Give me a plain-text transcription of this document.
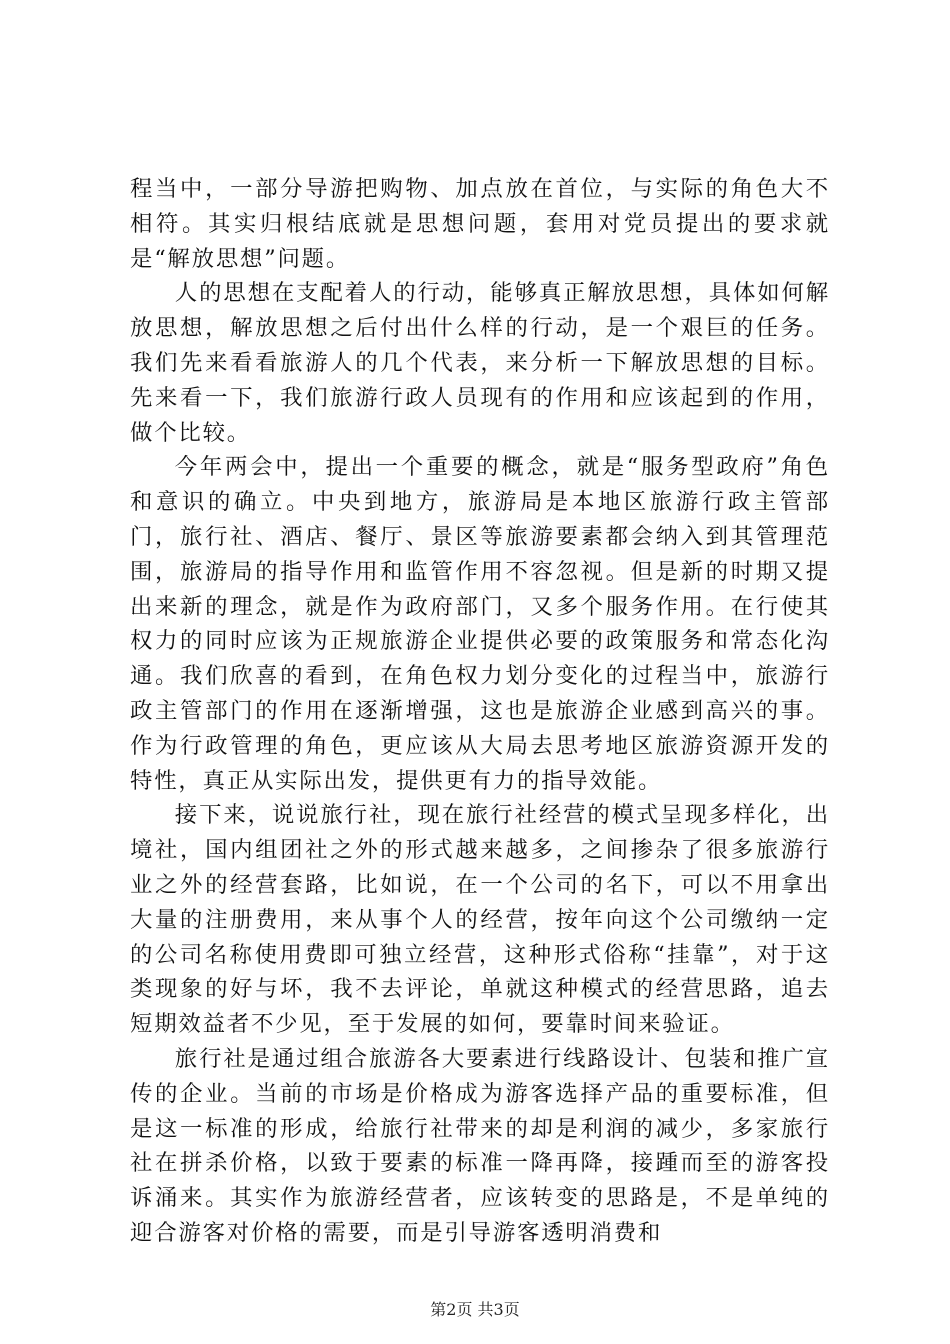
程当中，一部分导游把购物、加点放在首位，与实际的角色大不相符。其实归根结底就是思想问题，套用对党员提出的要求就是“解放思想”问题。

人的思想在支配着人的行动，能够真正解放思想，具体如何解放思想，解放思想之后付出什么样的行动，是一个艰巨的任务。我们先来看看旅游人的几个代表，来分析一下解放思想的目标。先来看一下，我们旅游行政人员现有的作用和应该起到的作用，做个比较。

今年两会中，提出一个重要的概念，就是“服务型政府”角色和意识的确立。中央到地方，旅游局是本地区旅游行政主管部门，旅行社、酒店、餐厅、景区等旅游要素都会纳入到其管理范围，旅游局的指导作用和监管作用不容忽视。但是新的时期又提出来新的理念，就是作为政府部门，又多个服务作用。在行使其权力的同时应该为正规旅游企业提供必要的政策服务和常态化沟通。我们欣喜的看到，在角色权力划分变化的过程当中，旅游行政主管部门的作用在逐渐增强，这也是旅游企业感到高兴的事。作为行政管理的角色，更应该从大局去思考地区旅游资源开发的特性，真正从实际出发，提供更有力的指导效能。

接下来，说说旅行社，现在旅行社经营的模式呈现多样化，出境社，国内组团社之外的形式越来越多，之间掺杂了很多旅游行业之外的经营套路，比如说，在一个公司的名下，可以不用拿出大量的注册费用，来从事个人的经营，按年向这个公司缴纳一定的公司名称使用费即可独立经营，这种形式俗称“挂靠”，对于这类现象的好与坏，我不去评论，单就这种模式的经营思路，追去短期效益者不少见，至于发展的如何，要靠时间来验证。

旅行社是通过组合旅游各大要素进行线路设计、包装和推广宣传的企业。当前的市场是价格成为游客选择产品的重要标准，但是这一标准的形成，给旅行社带来的却是利润的减少，多家旅行社在拼杀价格，以致于要素的标准一降再降，接踵而至的游客投诉涌来。其实作为旅游经营者，应该转变的思路是，不是单纯的迎合游客对价格的需要，而是引导游客透明消费和

第2页 共3页
